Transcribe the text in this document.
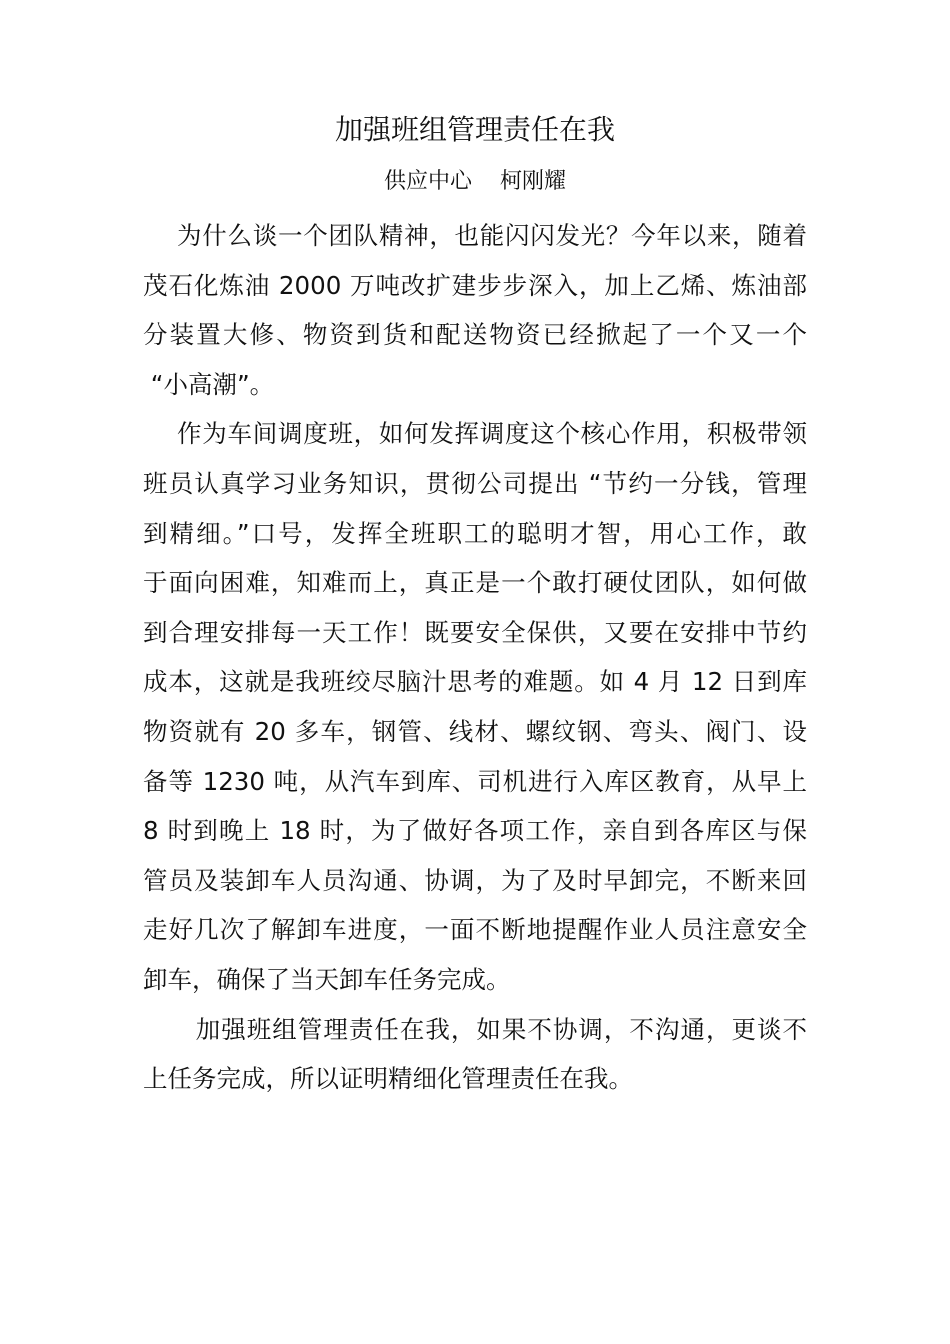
加强班组管理责任在我

供应中心    柯刚耀

为什么谈一个团队精神，也能闪闪发光？今年以来，随着
茂石化炼油 2000 万吨改扩建步步深入，加上乙烯、炼油部
分装置大修、物资到货和配送物资已经掀起了一个又一个
“小高潮”。
作为车间调度班，如何发挥调度这个核心作用，积极带领
班员认真学习业务知识，贯彻公司提出 “节约一分钱，管理
到精细。”口号，发挥全班职工的聪明才智，用心工作，敢
于面向困难，知难而上，真正是一个敢打硬仗团队，如何做
到合理安排每一天工作！既要安全保供，又要在安排中节约
成本，这就是我班绞尽脑汁思考的难题。如 4 月 12 日到库
物资就有 20 多车，钢管、线材、螺纹钢、弯头、阀门、设
备等 1230 吨，从汽车到库、司机进行入库区教育，从早上
8 时到晚上 18 时，为了做好各项工作，亲自到各库区与保
管员及装卸车人员沟通、协调，为了及时早卸完，不断来回
走好几次了解卸车进度，一面不断地提醒作业人员注意安全
卸车，确保了当天卸车任务完成。
加强班组管理责任在我，如果不协调，不沟通，更谈不
上任务完成，所以证明精细化管理责任在我。
